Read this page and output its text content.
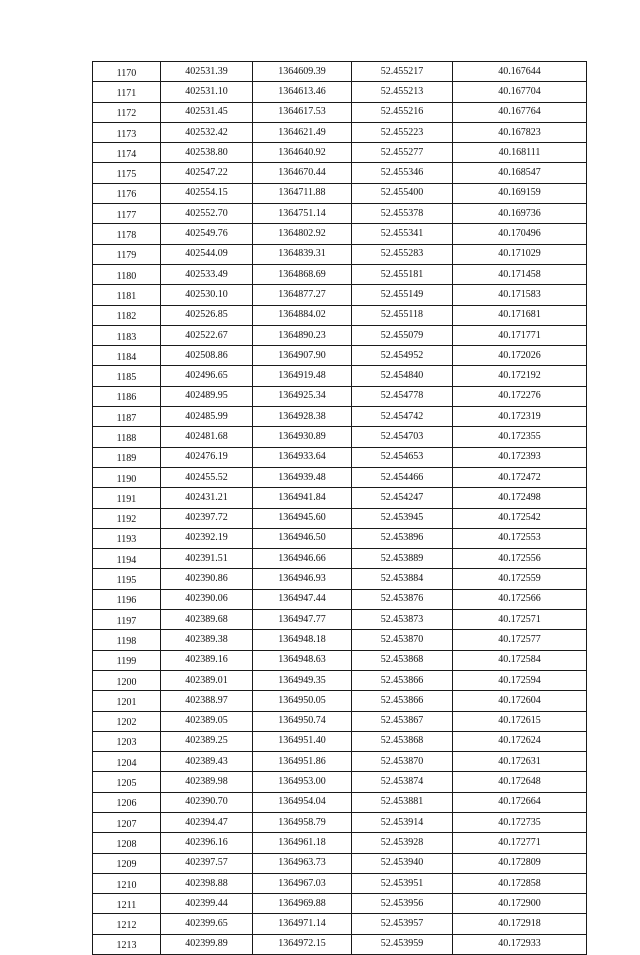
1170	402531.39	1364609.39	52.455217	40.167644
1171	402531.10	1364613.46	52.455213	40.167704
1172	402531.45	1364617.53	52.455216	40.167764
1173	402532.42	1364621.49	52.455223	40.167823
1174	402538.80	1364640.92	52.455277	40.168111
1175	402547.22	1364670.44	52.455346	40.168547
1176	402554.15	1364711.88	52.455400	40.169159
1177	402552.70	1364751.14	52.455378	40.169736
1178	402549.76	1364802.92	52.455341	40.170496
1179	402544.09	1364839.31	52.455283	40.171029
1180	402533.49	1364868.69	52.455181	40.171458
1181	402530.10	1364877.27	52.455149	40.171583
1182	402526.85	1364884.02	52.455118	40.171681
1183	402522.67	1364890.23	52.455079	40.171771
1184	402508.86	1364907.90	52.454952	40.172026
1185	402496.65	1364919.48	52.454840	40.172192
1186	402489.95	1364925.34	52.454778	40.172276
1187	402485.99	1364928.38	52.454742	40.172319
1188	402481.68	1364930.89	52.454703	40.172355
1189	402476.19	1364933.64	52.454653	40.172393
1190	402455.52	1364939.48	52.454466	40.172472
1191	402431.21	1364941.84	52.454247	40.172498
1192	402397.72	1364945.60	52.453945	40.172542
1193	402392.19	1364946.50	52.453896	40.172553
1194	402391.51	1364946.66	52.453889	40.172556
1195	402390.86	1364946.93	52.453884	40.172559
1196	402390.06	1364947.44	52.453876	40.172566
1197	402389.68	1364947.77	52.453873	40.172571
1198	402389.38	1364948.18	52.453870	40.172577
1199	402389.16	1364948.63	52.453868	40.172584
1200	402389.01	1364949.35	52.453866	40.172594
1201	402388.97	1364950.05	52.453866	40.172604
1202	402389.05	1364950.74	52.453867	40.172615
1203	402389.25	1364951.40	52.453868	40.172624
1204	402389.43	1364951.86	52.453870	40.172631
1205	402389.98	1364953.00	52.453874	40.172648
1206	402390.70	1364954.04	52.453881	40.172664
1207	402394.47	1364958.79	52.453914	40.172735
1208	402396.16	1364961.18	52.453928	40.172771
1209	402397.57	1364963.73	52.453940	40.172809
1210	402398.88	1364967.03	52.453951	40.172858
1211	402399.44	1364969.88	52.453956	40.172900
1212	402399.65	1364971.14	52.453957	40.172918
1213	402399.89	1364972.15	52.453959	40.172933
